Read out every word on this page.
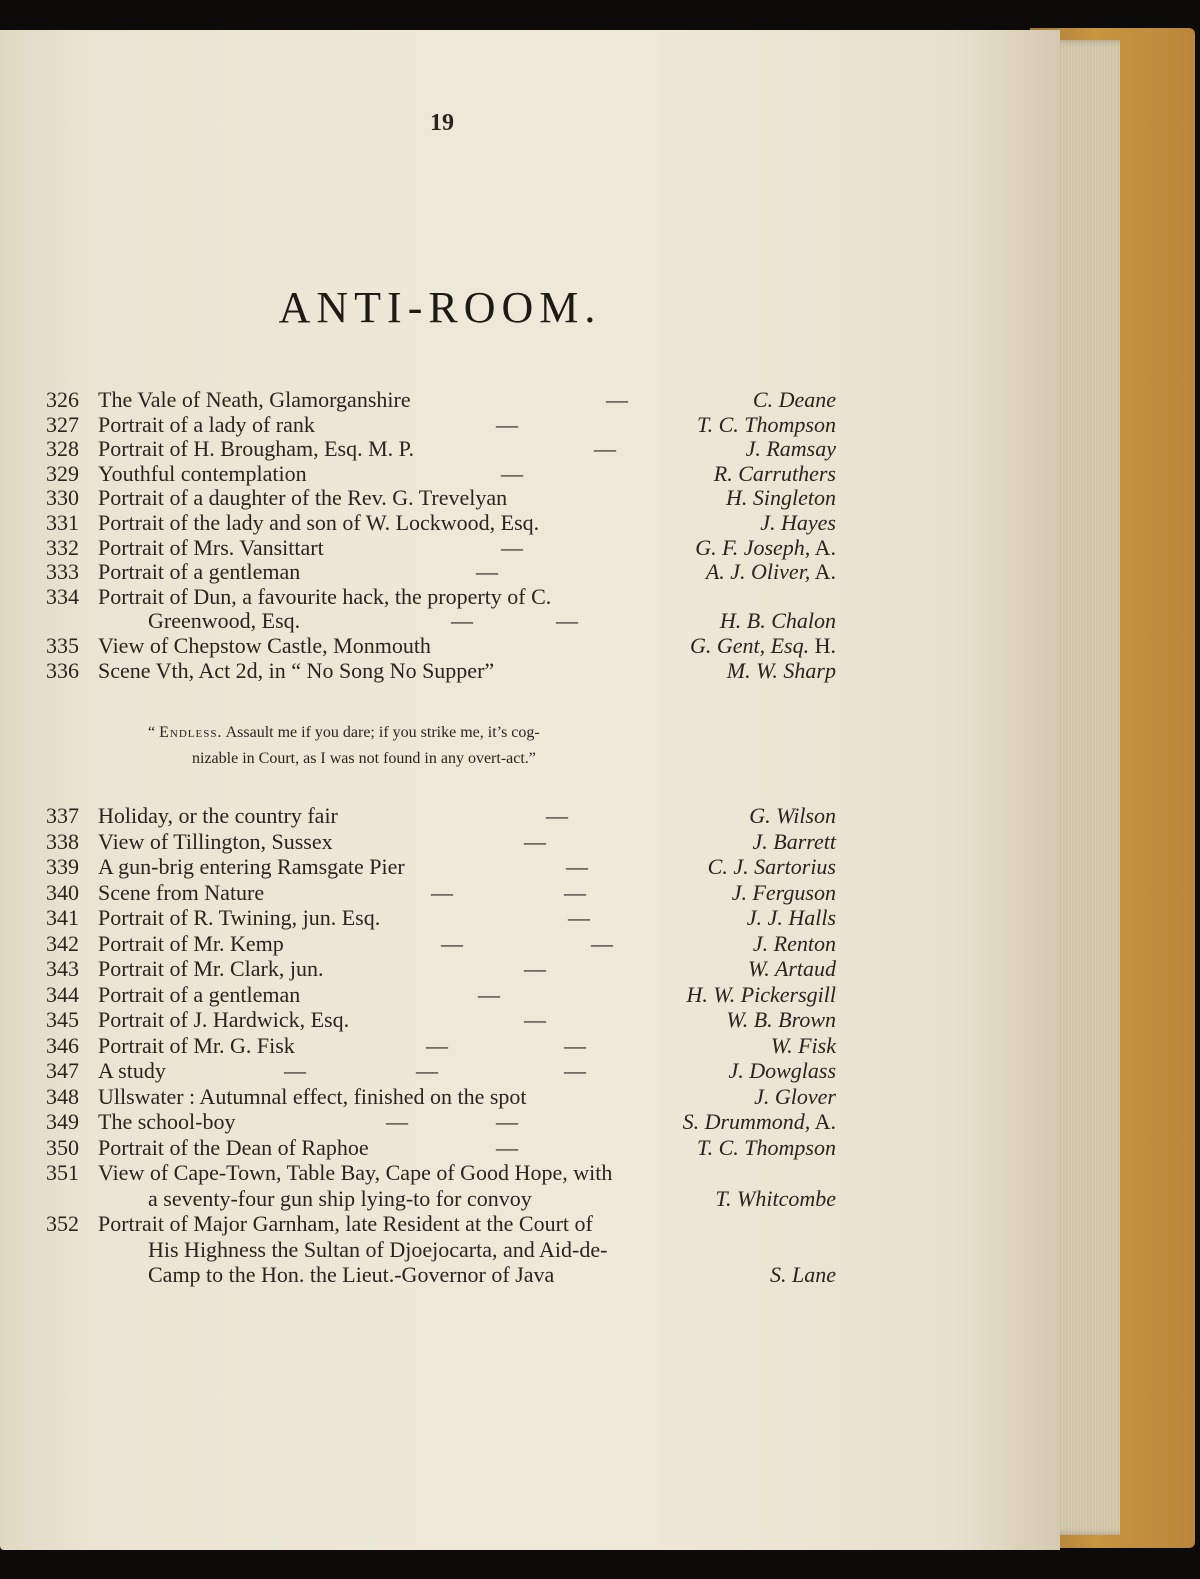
19
ANTI-ROOM.
326 The Vale of Neath, Glamorganshire	—	C. Deane
327 Portrait of a lady of rank	—	T. C. Thompson
328 Portrait of H. Brougham, Esq. M. P.	—	J. Ramsay
329 Youthful contemplation	—	R. Carruthers
330 Portrait of a daughter of the Rev. G. Trevelyan	H. Singleton
331 Portrait of the lady and son of W. Lockwood, Esq.	J. Hayes
332 Portrait of Mrs. Vansittart	—	G. F. Joseph, A.
333 Portrait of a gentleman	—	A. J. Oliver, A.
334 Portrait of Dun, a favourite hack, the property of C.
Greenwood, Esq.	—	—	H. B. Chalon
335 View of Chepstow Castle, Monmouth	G. Gent, Esq. H.
336 Scene Vth, Act 2d, in “ No Song No Supper”	M. W. Sharp
337 Holiday, or the country fair	—	G. Wilson
338 View of Tillington, Sussex	—	J. Barrett
339 A gun-brig entering Ramsgate Pier	—	C. J. Sartorius
340 Scene from Nature	—	—	J. Ferguson
341 Portrait of R. Twining, jun. Esq.	—	J. J. Halls
342 Portrait of Mr. Kemp	—	—	J. Renton
343 Portrait of Mr. Clark, jun.	—	W. Artaud
344 Portrait of a gentleman	—	H. W. Pickersgill
345 Portrait of J. Hardwick, Esq.	—	W. B. Brown
346 Portrait of Mr. G. Fisk	—	—	W. Fisk
347 A study	—	—	—	J. Dowglass
348 Ullswater : Autumnal effect, finished on the spot	J. Glover
349 The school-boy	—	—	S. Drummond, A.
350 Portrait of the Dean of Raphoe	—	T. C. Thompson
351 View of Cape-Town, Table Bay, Cape of Good Hope, with
a seventy-four gun ship lying-to for convoy	T. Whitcombe
352 Portrait of Major Garnham, late Resident at the Court of
His Highness the Sultan of Djoejocarta, and Aid-de-
Camp to the Hon. the Lieut.-Governor of Java	S. Lane
“ Endless. Assault me if you dare; if you strike me, it’s cog-
nizable in Court, as I was not found in any overt-act.”
